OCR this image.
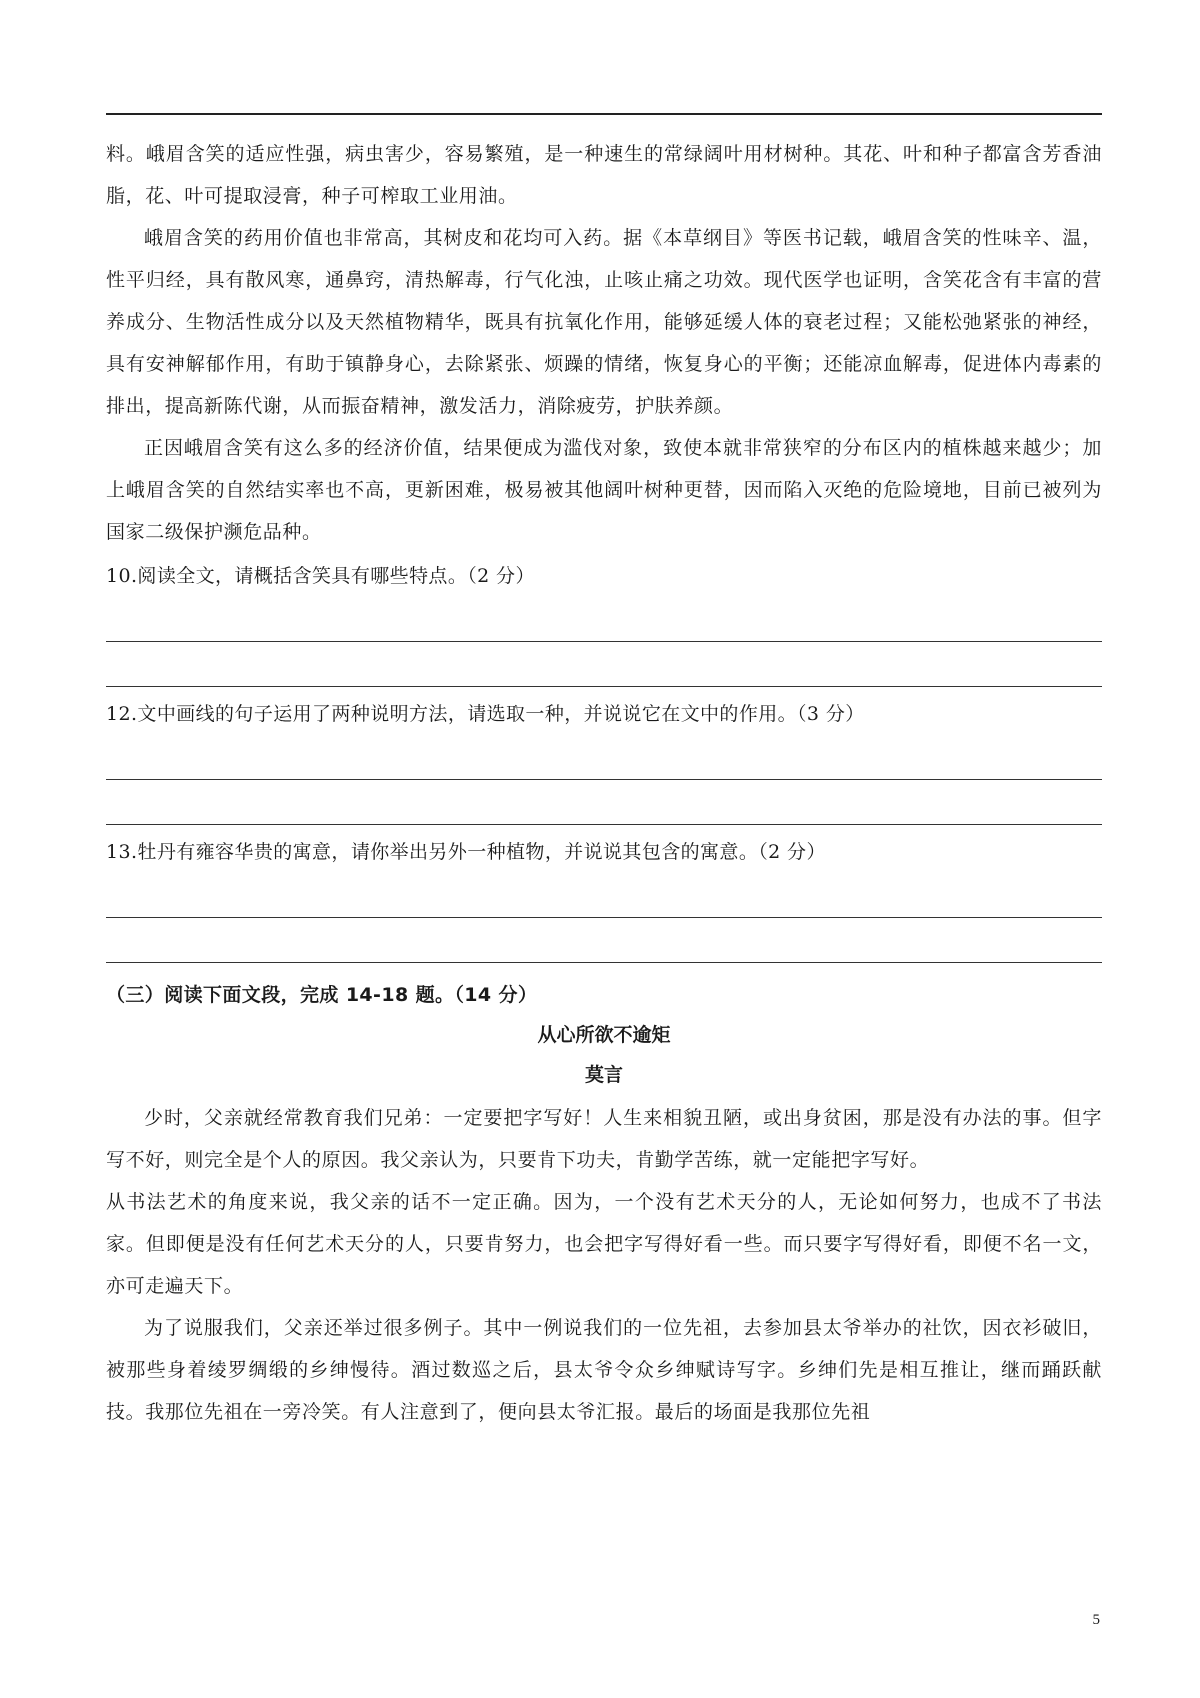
料。峨眉含笑的适应性强，病虫害少，容易繁殖，是一种速生的常绿阔叶用材树种。其花、叶和种子都富含芳香油脂，花、叶可提取浸膏，种子可榨取工业用油。

峨眉含笑的药用价值也非常高，其树皮和花均可入药。据《本草纲目》等医书记载，峨眉含笑的性味辛、温，性平归经，具有散风寒，通鼻窍，清热解毒，行气化浊，止咳止痛之功效。现代医学也证明，含笑花含有丰富的营养成分、生物活性成分以及天然植物精华，既具有抗氧化作用，能够延缓人体的衰老过程；又能松弛紧张的神经，具有安神解郁作用，有助于镇静身心，去除紧张、烦躁的情绪，恢复身心的平衡；还能凉血解毒，促进体内毒素的排出，提高新陈代谢，从而振奋精神，激发活力，消除疲劳，护肤养颜。

正因峨眉含笑有这么多的经济价值，结果便成为滥伐对象，致使本就非常狭窄的分布区内的植株越来越少；加上峨眉含笑的自然结实率也不高，更新困难，极易被其他阔叶树种更替，因而陷入灭绝的危险境地，目前已被列为国家二级保护濒危品种。

10.阅读全文，请概括含笑具有哪些特点。（2 分）

12.文中画线的句子运用了两种说明方法，请选取一种，并说说它在文中的作用。（3 分）

13.牡丹有雍容华贵的寓意，请你举出另外一种植物，并说说其包含的寓意。（2 分）

（三）阅读下面文段，完成 14-18 题。（14 分）

从心所欲不逾矩

莫言

少时，父亲就经常教育我们兄弟：一定要把字写好！人生来相貌丑陋，或出身贫困，那是没有办法的事。但字写不好，则完全是个人的原因。我父亲认为，只要肯下功夫，肯勤学苦练，就一定能把字写好。

从书法艺术的角度来说，我父亲的话不一定正确。因为，一个没有艺术天分的人，无论如何努力，也成不了书法家。但即便是没有任何艺术天分的人，只要肯努力，也会把字写得好看一些。而只要字写得好看，即便不名一文，亦可走遍天下。

为了说服我们，父亲还举过很多例子。其中一例说我们的一位先祖，去参加县太爷举办的社饮，因衣衫破旧，被那些身着绫罗绸缎的乡绅慢待。酒过数巡之后，县太爷令众乡绅赋诗写字。乡绅们先是相互推让，继而踊跃献技。我那位先祖在一旁冷笑。有人注意到了，便向县太爷汇报。最后的场面是我那位先祖

5
